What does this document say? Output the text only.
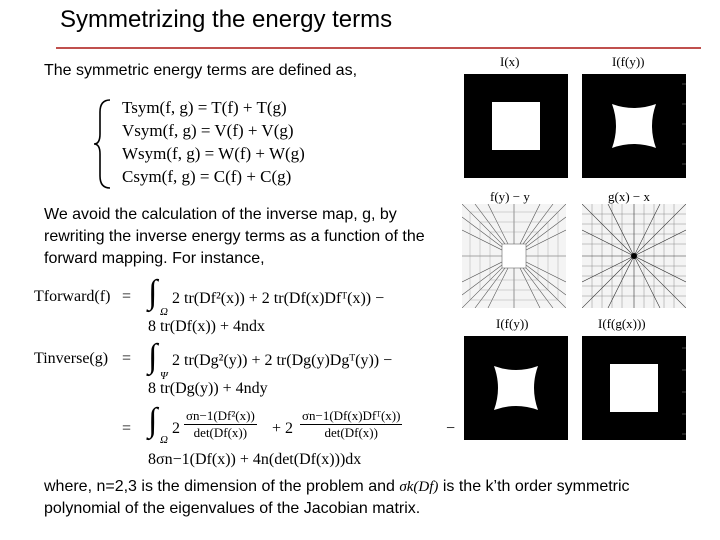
Symmetrizing the energy terms
The symmetric energy terms are defined as,
Tsym(f, g) = T(f) + T(g)
Vsym(f, g) = V(f) + V(g)
Wsym(f, g) = W(f) + W(g)
Csym(f, g) = C(f) + C(g)
We avoid the calculation of the inverse map, g, by rewriting the inverse energy terms as a function of the forward mapping. For instance,
Tforward(f) = ∫
Ω
2 tr(Df²(x)) + 2 tr(Df(x)Dfᵀ(x)) −
8 tr(Df(x)) + 4ndx
Tinverse(g) = ∫
Ψ
2 tr(Dg²(y)) + 2 tr(Dg(y)Dgᵀ(y)) −
8 tr(Dg(y)) + 4ndy
= ∫
Ω
2
σn−1(Df²(x))
det(Df(x))	+ 2
σn−1(Df(x)Dfᵀ(x))
det(Df(x))	−
8σn−1(Df(x)) + 4n(det(Df(x)))dx
I(x)	I(f(y))
f(y) − y	g(x) − x
I(f(y))	I(f(g(x)))
where, n=2,3 is the dimension of the problem and σk(Df) is the k’th order symmetric polynomial of the eigenvalues of the Jacobian matrix.
